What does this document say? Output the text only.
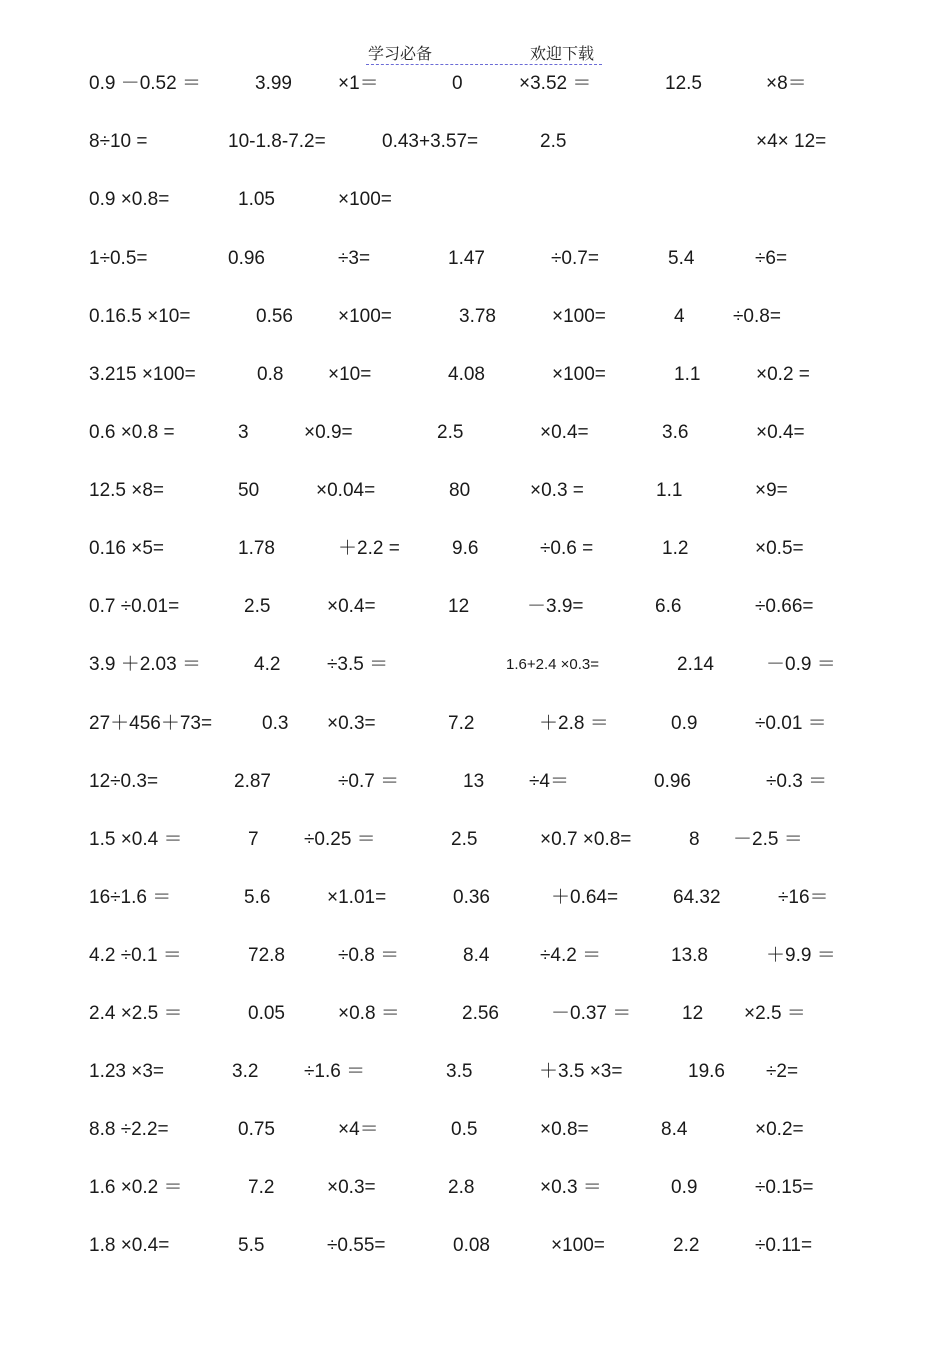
学习必备	欢迎下载
0.9 －0.52 ＝	3.99 ×1＝	0	×3.52 ＝	12.5	×8＝
8÷10 =	10-1.8-7.2=	0.43+3.57=	2.5	×4× 12=
0.9 ×0.8=	1.05	×100=
1÷0.5=	0.96	÷3=	1.47	÷0.7=	5.4	÷6=
0.16.5 ×10=	0.56 ×100=	3.78	×100=	4	÷0.8=
3.215 ×100=	0.8 ×10=	4.08	×100=	1.1	×0.2 =
0.6 ×0.8 =	3	×0.9=	2.5	×0.4=	3.6	×0.4=
12.5 ×8=	50	×0.04=	80	×0.3 =	1.1	×9=
0.16 ×5=	1.78	＋2.2 =	9.6	÷0.6 =	1.2	×0.5=
0.7 ÷0.01=	2.5	×0.4=	12	－3.9=	6.6	÷0.66=
3.9 ＋2.03 ＝	4.2 ÷3.5 ＝	1.6+2.4 ×0.3=	2.14	－0.9 ＝
27＋456＋73=	0.3 ×0.3=	7.2	＋2.8 ＝	0.9	÷0.01 ＝
12÷0.3=	2.87	÷0.7 ＝	13 ÷4＝	0.96	÷0.3 ＝
1.5 ×0.4 ＝	7 ÷0.25 ＝	2.5	×0.7 ×0.8=	8 －2.5 ＝
16÷1.6 ＝	5.6	×1.01=	0.36	＋0.64=	64.32	÷16＝
4.2 ÷0.1 ＝	72.8	÷0.8 ＝	8.4	÷4.2 ＝	13.8	＋9.9 ＝
2.4 ×2.5 ＝	0.05	×0.8 ＝	2.56	－0.37 ＝	12 ×2.5 ＝
1.23 ×3=	3.2 ÷1.6 ＝	3.5	＋3.5 ×3=	19.6 ÷2=
8.8 ÷2.2=	0.75	×4＝	0.5	×0.8=	8.4	×0.2=
1.6 ×0.2 ＝	7.2	×0.3=	2.8	×0.3 ＝	0.9	÷0.15=
1.8 ×0.4=	5.5	÷0.55=	0.08	×100=	2.2	÷0.11=
